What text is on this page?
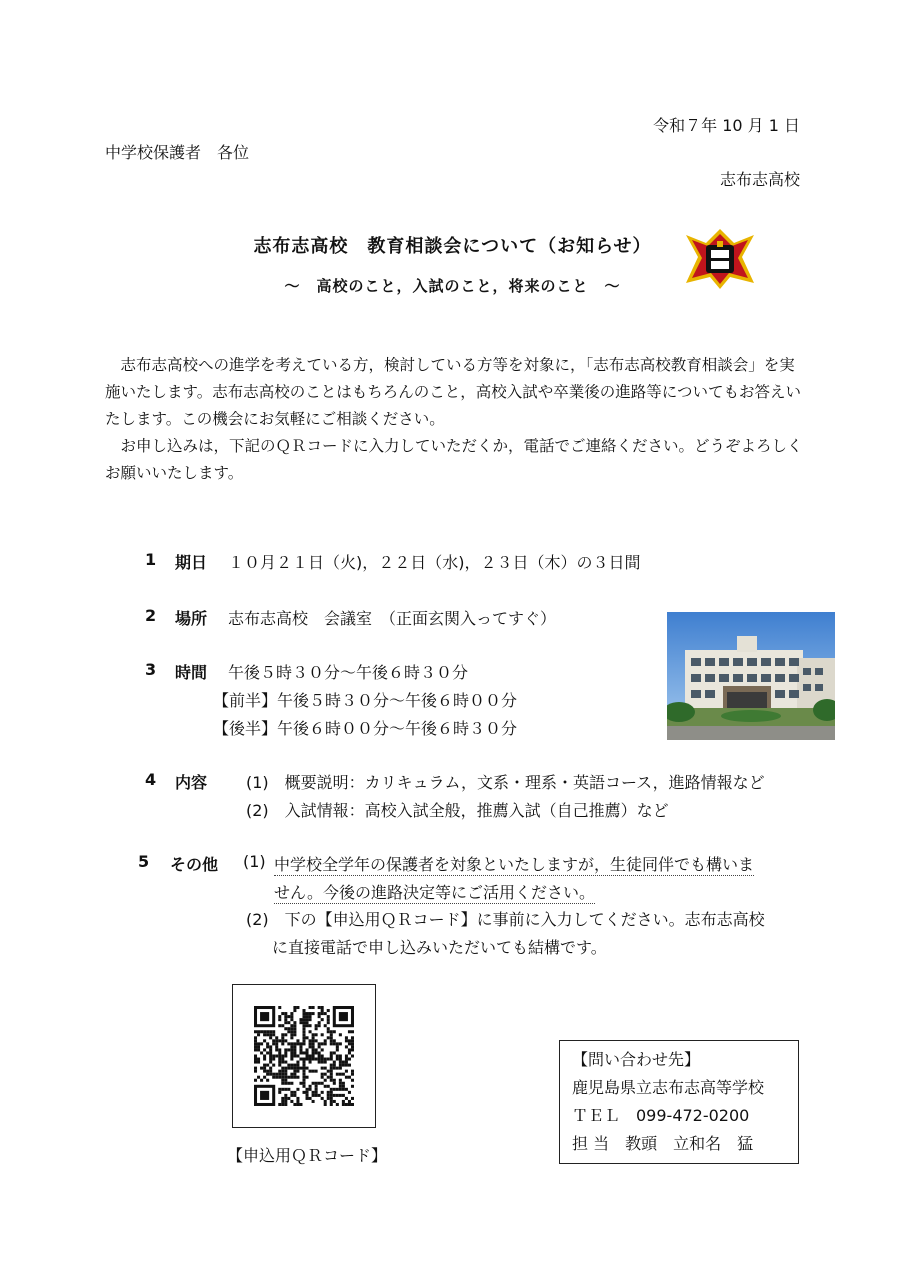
令和７年 10 月 1 日
中学校保護者　各位
志布志高校
志布志高校　教育相談会について（お知らせ）
～　高校のこと，入試のこと，将来のこと　～

志布志高校への進学を考えている方，検討している方等を対象に，「志布志高校教育相談会」を実施いたします。志布志高校のことはもちろんのこと，高校入試や卒業後の進路等についてもお答えいたします。この機会にお気軽にご相談ください。

お申し込みは，下記のＱＲコードに入力していただくか，電話でご連絡ください。どうぞよろしくお願いいたします。

1 期日 １０月２１日（火)，２２日（水)，２３日（木）の３日間
2 場所 志布志高校　会議室　（正面玄関入ってすぐ）
3 時間 午後５時３０分～午後６時３０分
【前半】午後５時３０分～午後６時００分
【後半】午後６時００分～午後６時３０分
4 内容 (1)　概要説明：カリキュラム，文系・理系・英語コース，進路情報など
(2)　入試情報：高校入試全般，推薦入試（自己推薦）など
5 その他 (1) 中学校全学年の保護者を対象といたしますが，生徒同伴でも構いま
せん。今後の進路決定等にご活用ください。
(2)　下の【申込用ＱＲコード】に事前に入力してください。志布志高校
に直接電話で申し込みいただいても結構です。
【申込用ＱＲコード】
【問い合わせ先】
鹿児島県立志布志高等学校
ＴＥＬ　099-472-0200
担 当　教頭　立和名　猛
